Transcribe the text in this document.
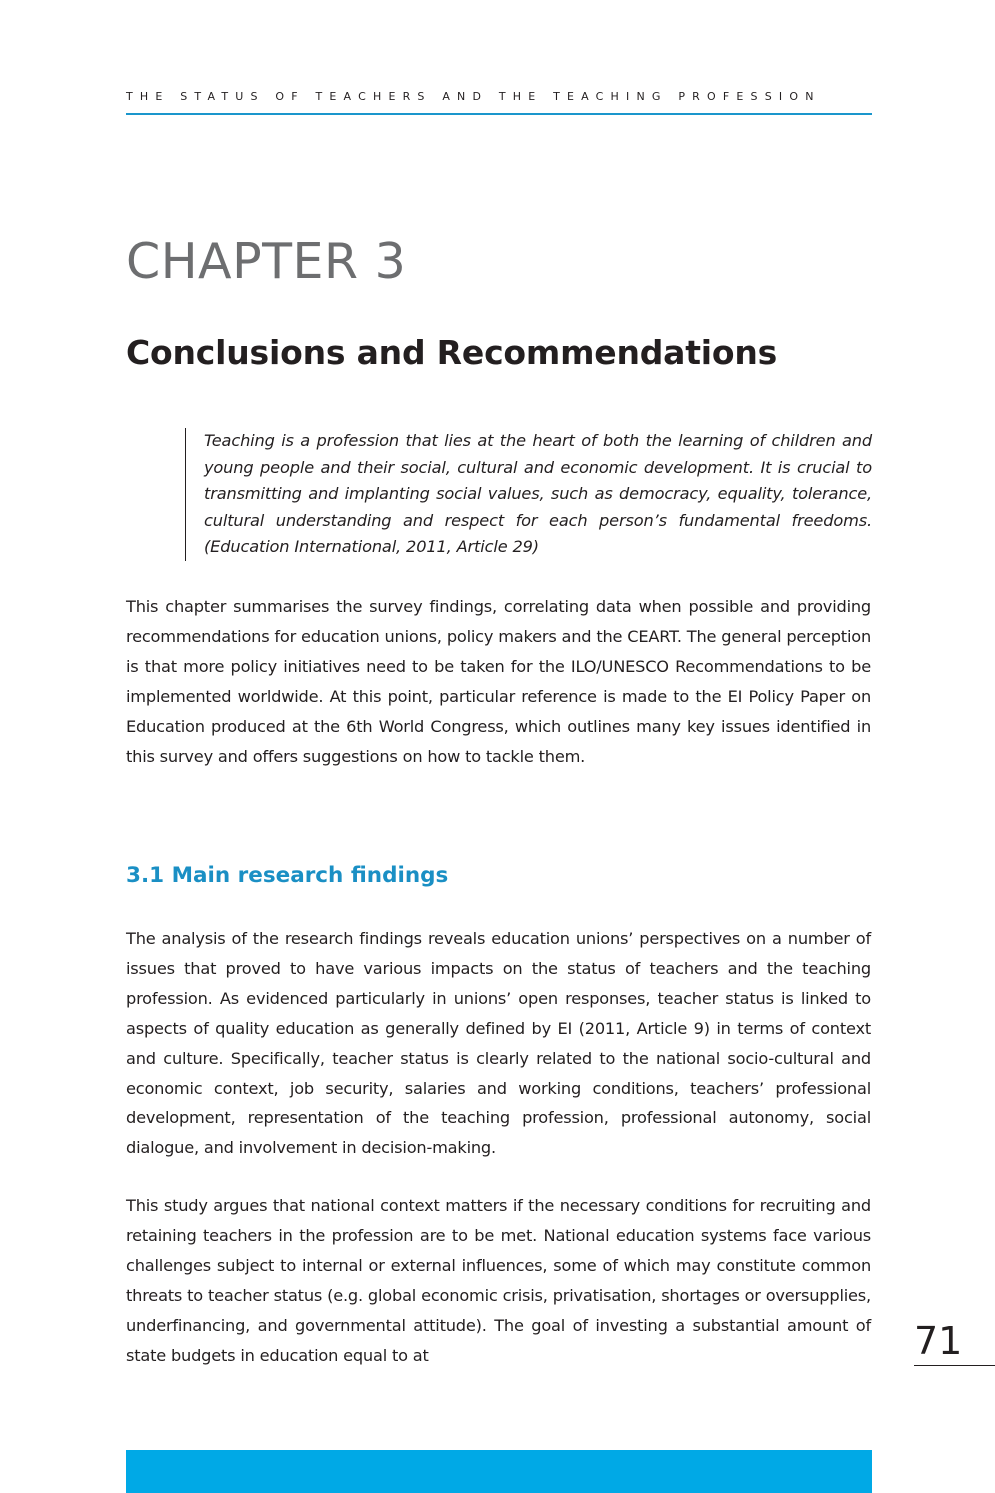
THE STATUS OF TEACHERS AND THE TEACHING PROFESSION
CHAPTER 3
Conclusions and Recommendations

Teaching is a profession that lies at the heart of both the learning of children and young people and their social, cultural and economic development. It is crucial to transmitting and implanting social values, such as democracy, equality, tolerance, cultural understanding and respect for each person’s fundamental freedoms. (Education International, 2011, Article 29)

This chapter summarises the survey findings, correlating data when possible and providing recommendations for education unions, policy makers and the CEART. The general perception is that more policy initiatives need to be taken for the ILO/UNESCO Recommendations to be implemented worldwide. At this point, particular reference is made to the EI Policy Paper on Education produced at the 6th World Congress, which outlines many key issues identified in this survey and offers suggestions on how to tackle them.

3.1 Main research findings

The analysis of the research findings reveals education unions’ perspectives on a number of issues that proved to have various impacts on the status of teachers and the teaching profession. As evidenced particularly in unions’ open responses, teacher status is linked to aspects of quality education as generally defined by EI (2011, Article 9) in terms of context and culture. Specifically, teacher status is clearly related to the national socio-cultural and economic context, job security, salaries and working conditions, teachers’ professional development, representation of the teaching profession, professional autonomy, social dialogue, and involvement in decision-making.

This study argues that national context matters if the necessary conditions for recruiting and retaining teachers in the profession are to be met. National education systems face various challenges subject to internal or external influences, some of which may constitute common threats to teacher status (e.g. global economic crisis, privatisation, shortages or oversupplies, underfinancing, and governmental attitude). The goal of investing a substantial amount of state budgets in education equal to at	71
